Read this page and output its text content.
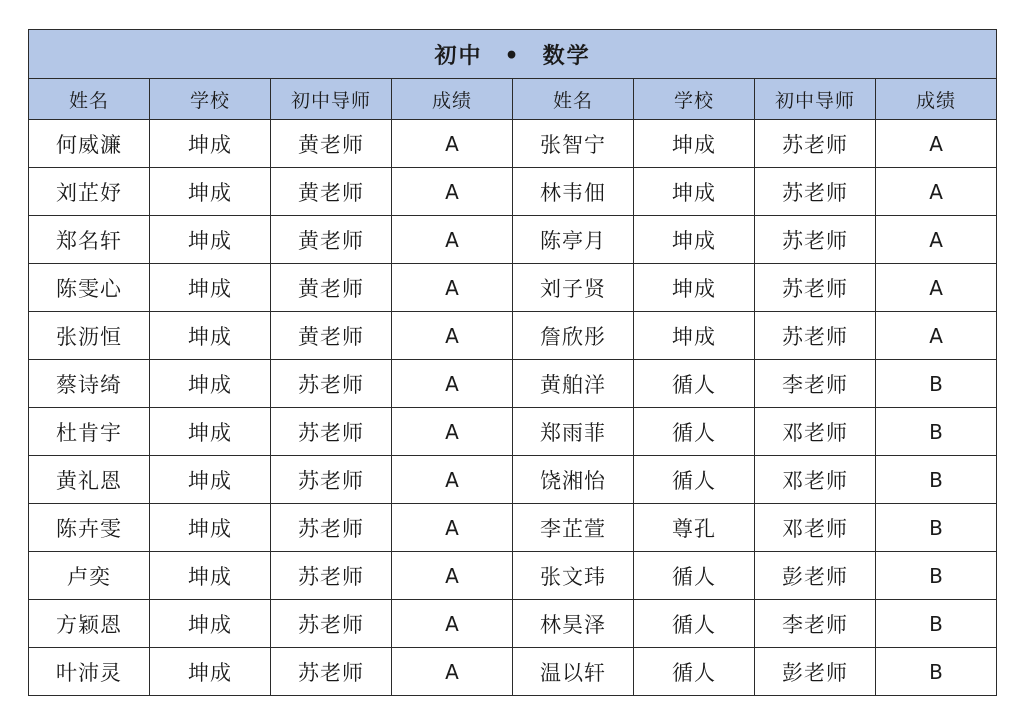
初中 • 数学							
姓名	学校	初中导师	成绩	姓名	学校	初中导师	成绩
何威濂	坤成	黄老师	A	张智宁	坤成	苏老师	A
刘芷妤	坤成	黄老师	A	林韦佃	坤成	苏老师	A
郑名轩	坤成	黄老师	A	陈亭月	坤成	苏老师	A
陈雯心	坤成	黄老师	A	刘子贤	坤成	苏老师	A
张沥恒	坤成	黄老师	A	詹欣彤	坤成	苏老师	A
蔡诗绮	坤成	苏老师	A	黄舶洋	循人	李老师	B
杜肯宇	坤成	苏老师	A	郑雨菲	循人	邓老师	B
黄礼恩	坤成	苏老师	A	饶湘怡	循人	邓老师	B
陈卉雯	坤成	苏老师	A	李芷萱	尊孔	邓老师	B
卢奕	坤成	苏老师	A	张文玮	循人	彭老师	B
方颖恩	坤成	苏老师	A	林昊泽	循人	李老师	B
叶沛灵	坤成	苏老师	A	温以轩	循人	彭老师	B
